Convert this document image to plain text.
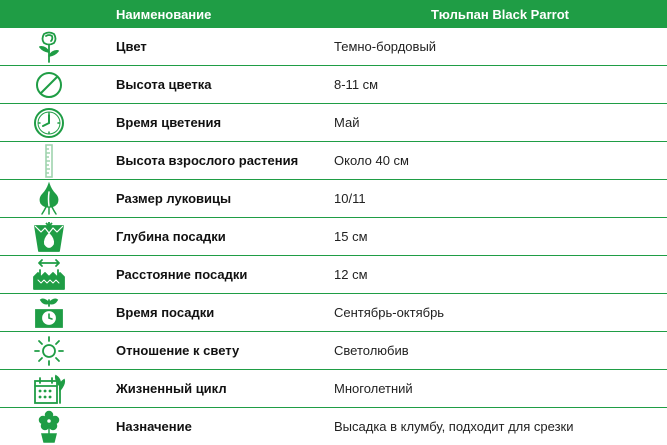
	Наименование	Тюльпан Black Parrot
	Цвет	Темно-бордовый
	Высота цветка	8-11 см
	Время цветения	Май
	Высота взрослого растения	Около 40 см
	Размер луковицы	10/11
	Глубина посадки	15 см
	Расстояние посадки	12 см
	Время посадки	Сентябрь-октябрь
	Отношение к свету	Светолюбив
	Жизненный цикл	Многолетний
	Назначение	Высадка в клумбу, подходит для срезки
